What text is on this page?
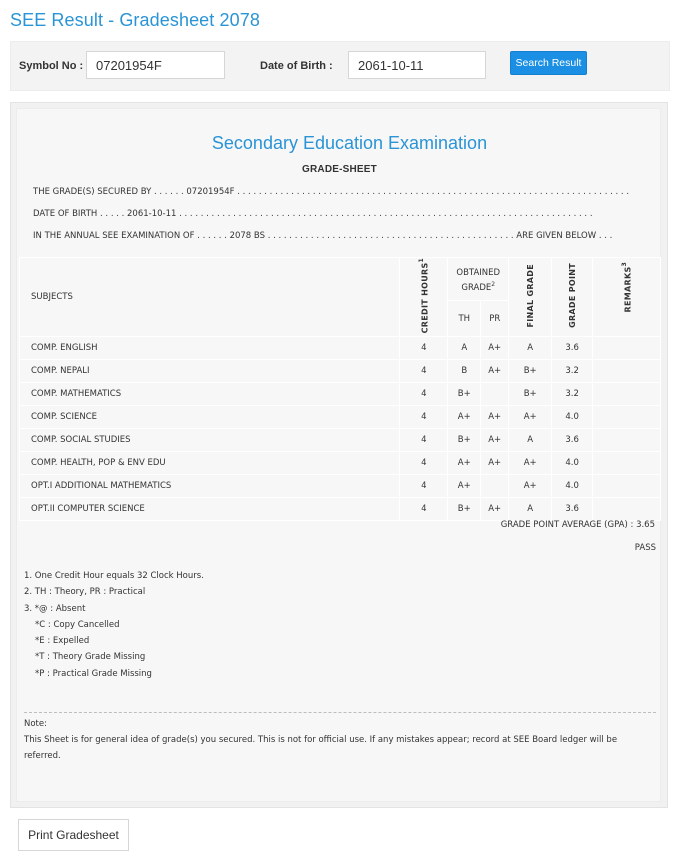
SEE Result - Gradesheet 2078
Symbol No :
07201954F	Date of Birth :
2061-10-11	Search Result
Secondary Education Examination
GRADE-SHEET
THE GRADE(S) SECURED BY . . . . . . 07201954F . . . . . . . . . . . . . . . . . . . . . . . . . . . . . . . . . . . . . . . . . . . . . . . . . . . . . . . . . . . . . . . . . . . . . . . . .
DATE OF BIRTH . . . . . 2061-10-11 . . . . . . . . . . . . . . . . . . . . . . . . . . . . . . . . . . . . . . . . . . . . . . . . . . . . . . . . . . . . . . . . . . . . . . . . . . . . .
IN THE ANNUAL SEE EXAMINATION OF . . . . . . 2078 BS . . . . . . . . . . . . . . . . . . . . . . . . . . . . . . . . . . . . . . . . . . . . . . ARE GIVEN BELOW . . .
SUBJECTS	CREDIT HOURS$^1$	OBTAINED GRADE$^2$		FINAL GRADE	GRADE POINT	REMARKS$^3$
		TH	PR			
COMP. ENGLISH	4	A	A+	A	3.6	
COMP. NEPALI	4	B	A+	B+	3.2	
COMP. MATHEMATICS	4	B+		B+	3.2	
COMP. SCIENCE	4	A+	A+	A+	4.0	
COMP. SOCIAL STUDIES	4	B+	A+	A	3.6	
COMP. HEALTH, POP & ENV EDU	4	A+	A+	A+	4.0	
OPT.I ADDITIONAL MATHEMATICS	4	A+		A+	4.0	
OPT.II COMPUTER SCIENCE	4	B+	A+	A	3.6	
GRADE POINT AVERAGE (GPA) : 3.65
PASS
1. One Credit Hour equals 32 Clock Hours.
2. TH : Theory, PR : Practical
3. *@ : Absent
*C : Copy Cancelled
*E : Expelled
*T : Theory Grade Missing
*P : Practical Grade Missing
Note:
This Sheet is for general idea of grade(s) you secured. This is not for official use. If any mistakes appear; record at SEE Board ledger will be referred.
Print Gradesheet
